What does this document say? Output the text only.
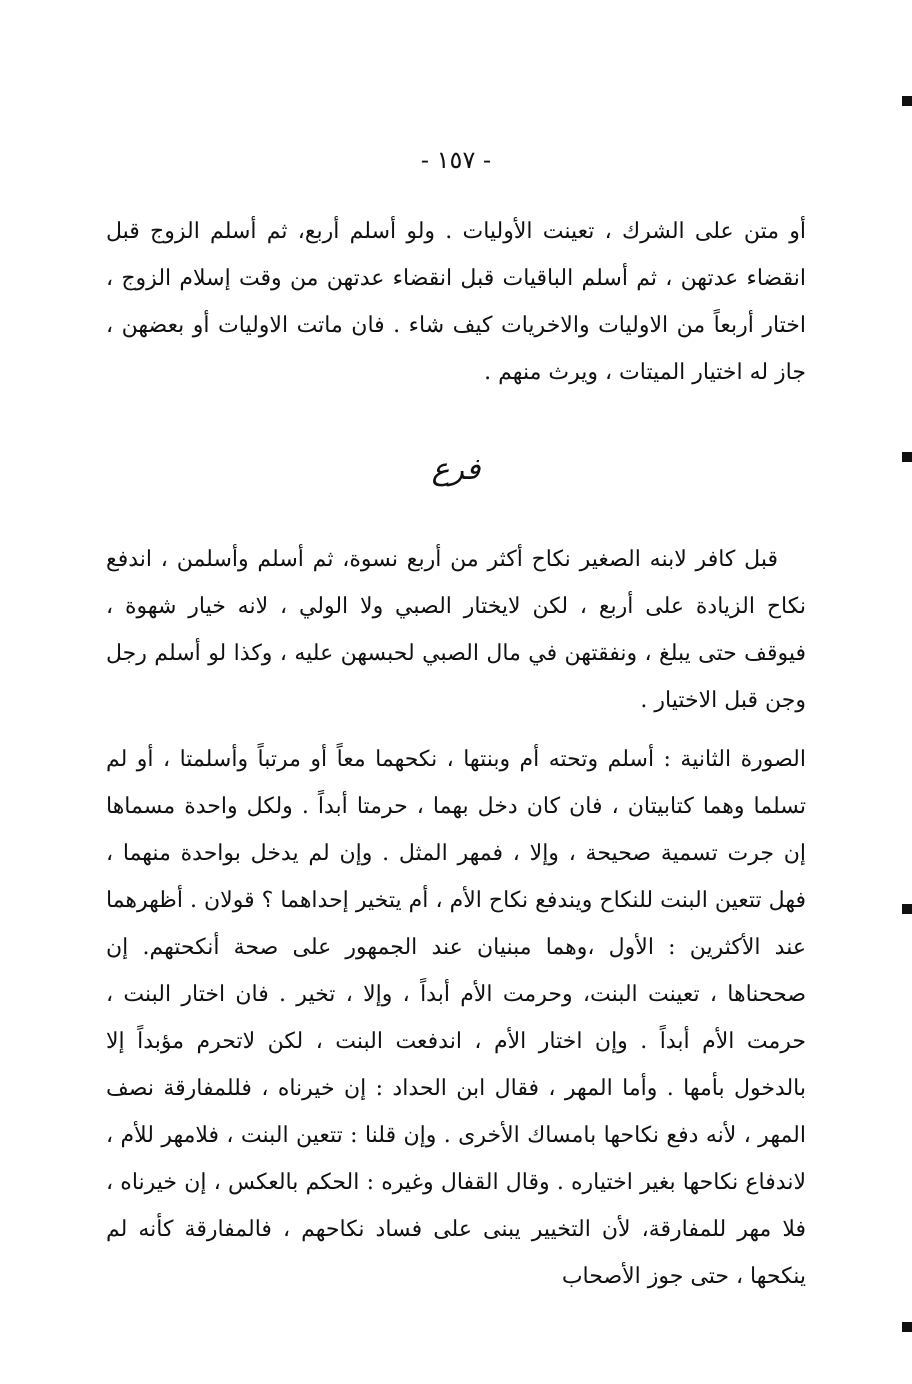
- ١٥٧ -

أو متن على الشرك ، تعينت الأوليات . ولو أسلم أربع، ثم أسلم الزوج قبل انقضاء عدتهن ، ثم أسلم الباقيات قبل انقضاء عدتهن من وقت إسلام الزوج ، اختار أربعاً من الاوليات والاخريات كيف شاء . فان ماتت الاوليات أو بعضهن ، جاز له اختيار الميتات ، ويرث منهم .

فرع

قبل كافر لابنه الصغير نكاح أكثر من أربع نسوة، ثم أسلم وأسلمن ، اندفع نكاح الزيادة على أربع ، لكن لايختار الصبي ولا الولي ، لانه خيار شهوة ، فيوقف حتى يبلغ ، ونفقتهن في مال الصبي لحبسهن عليه ، وكذا لو أسلم رجل وجن قبل الاختيار .

الصورة الثانية : أسلم وتحته أم وبنتها ، نكحهما معاً أو مرتباً وأسلمتا ، أو لم تسلما وهما كتابيتان ، فان كان دخل بهما ، حرمتا أبداً . ولكل واحدة مسماها إن جرت تسمية صحيحة ، وإلا ، فمهر المثل . وإن لم يدخل بواحدة منهما ، فهل تتعين البنت للنكاح ويندفع نكاح الأم ، أم يتخير إحداهما ؟ قولان . أظهرهما عند الأكثرين : الأول ،وهما مبنيان عند الجمهور على صحة أنكحتهم. إن صححناها ، تعينت البنت، وحرمت الأم أبداً ، وإلا ، تخير . فان اختار البنت ، حرمت الأم أبداً . وإن اختار الأم ، اندفعت البنت ، لكن لاتحرم مؤبداً إلا بالدخول بأمها . وأما المهر ، فقال ابن الحداد : إن خيرناه ، فللمفارقة نصف المهر ، لأنه دفع نكاحها بامساك الأخرى . وإن قلنا : تتعين البنت ، فلامهر للأم ، لاندفاع نكاحها بغير اختياره . وقال القفال وغيره : الحكم بالعكس ، إن خيرناه ، فلا مهر للمفارقة، لأن التخيير يبنى على فساد نكاحهم ، فالمفارقة كأنه لم ينكحها ، حتى جوز الأصحاب
